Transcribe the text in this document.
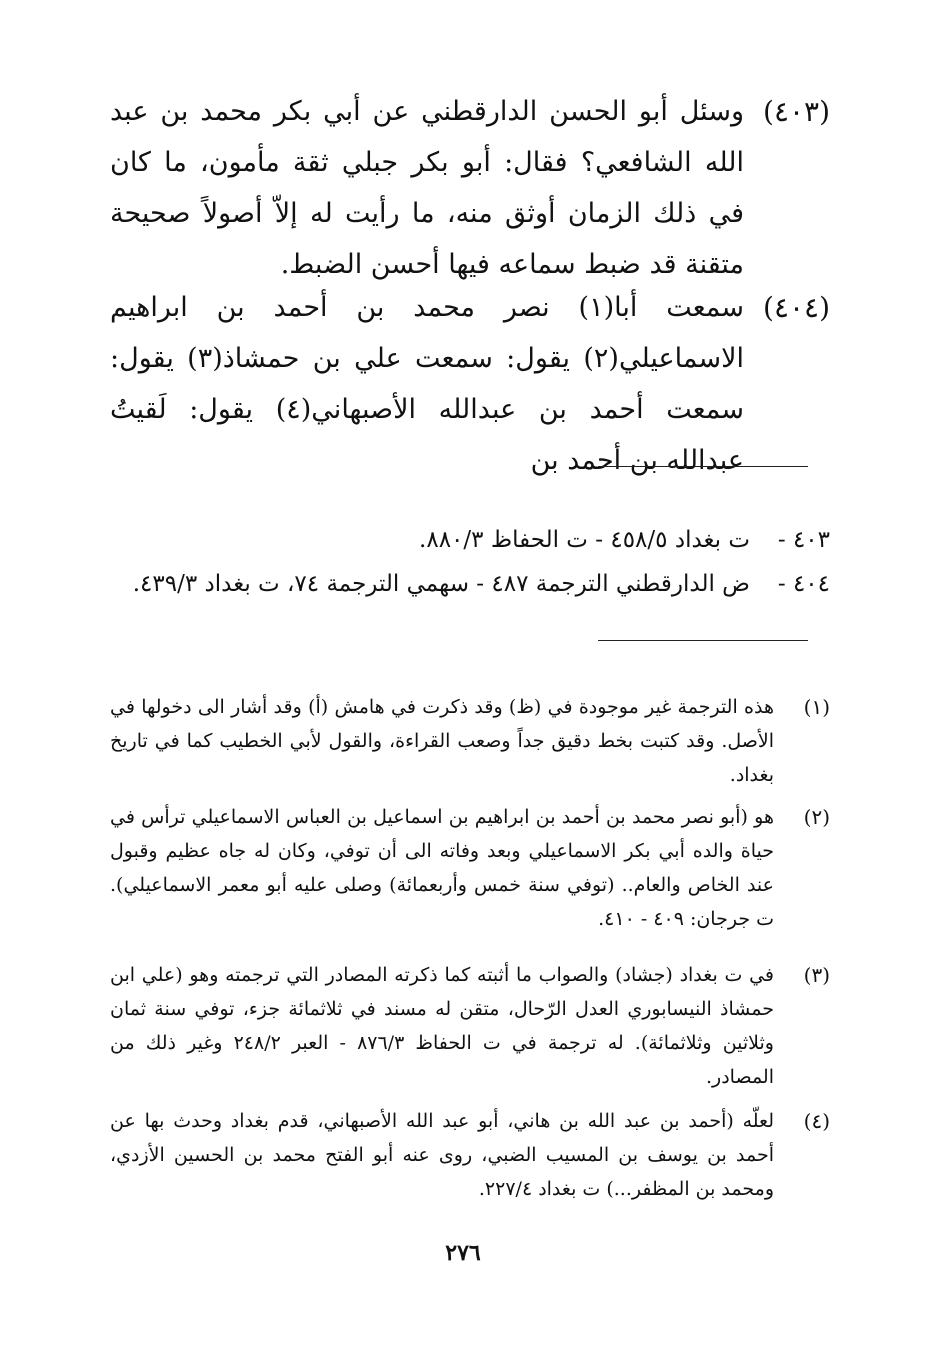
(٤٠٣)
وسئل أبو الحسن الدارقطني عن أبي بكر محمد بن عبد الله الشافعي؟ فقال: أبو بكر جبلي ثقة مأمون، ما كان في ذلك الزمان أوثق منه، ما رأيت له إلاّ أصولاً صحيحة متقنة قد ضبط سماعه فيها أحسن الضبط.
(٤٠٤)
سمعت أبا(١) نصر محمد بن أحمد بن ابراهيم الاسماعيلي(٢) يقول: سمعت علي بن حمشاذ(٣) يقول: سمعت أحمد بن عبدالله الأصبهاني(٤) يقول: لَقيتُ عبدالله بن أحمد بن
٤٠٣ -
ت بغداد ٤٥٨/٥ - ت الحفاظ ٨٨٠/٣.
٤٠٤ -
ض الدارقطني الترجمة ٤٨٧ - سهمي الترجمة ٧٤، ت بغداد ٤٣٩/٣.
(١)
هذه الترجمة غير موجودة في (ظ) وقد ذكرت في هامش (أ) وقد أشار الى دخولها في الأصل. وقد كتبت بخط دقيق جداً وصعب القراءة، والقول لأبي الخطيب كما في تاريخ بغداد.
(٢)
هو (أبو نصر محمد بن أحمد بن ابراهيم بن اسماعيل بن العباس الاسماعيلي ترأس في حياة والده أبي بكر الاسماعيلي وبعد وفاته الى أن توفي، وكان له جاه عظيم وقبول عند الخاص والعام.. (توفي سنة خمس وأربعمائة) وصلى عليه أبو معمر الاسماعيلي). ت جرجان: ٤٠٩ - ٤١٠.
(٣)
في ت بغداد (جشاد) والصواب ما أثبته كما ذكرته المصادر التي ترجمته وهو (علي ابن حمشاذ النيسابوري العدل الرّحال، متقن له مسند في ثلاثمائة جزء، توفي سنة ثمان وثلاثين وثلاثمائة). له ترجمة في ت الحفاظ ٨٧٦/٣ - العبر ٢٤٨/٢ وغير ذلك من المصادر.
(٤)
لعلّه (أحمد بن عبد الله بن هاني، أبو عبد الله الأصبهاني، قدم بغداد وحدث بها عن أحمد بن يوسف بن المسيب الضبي، روى عنه أبو الفتح محمد بن الحسين الأزدي، ومحمد بن المظفر...) ت بغداد ٢٢٧/٤.
٢٧٦
